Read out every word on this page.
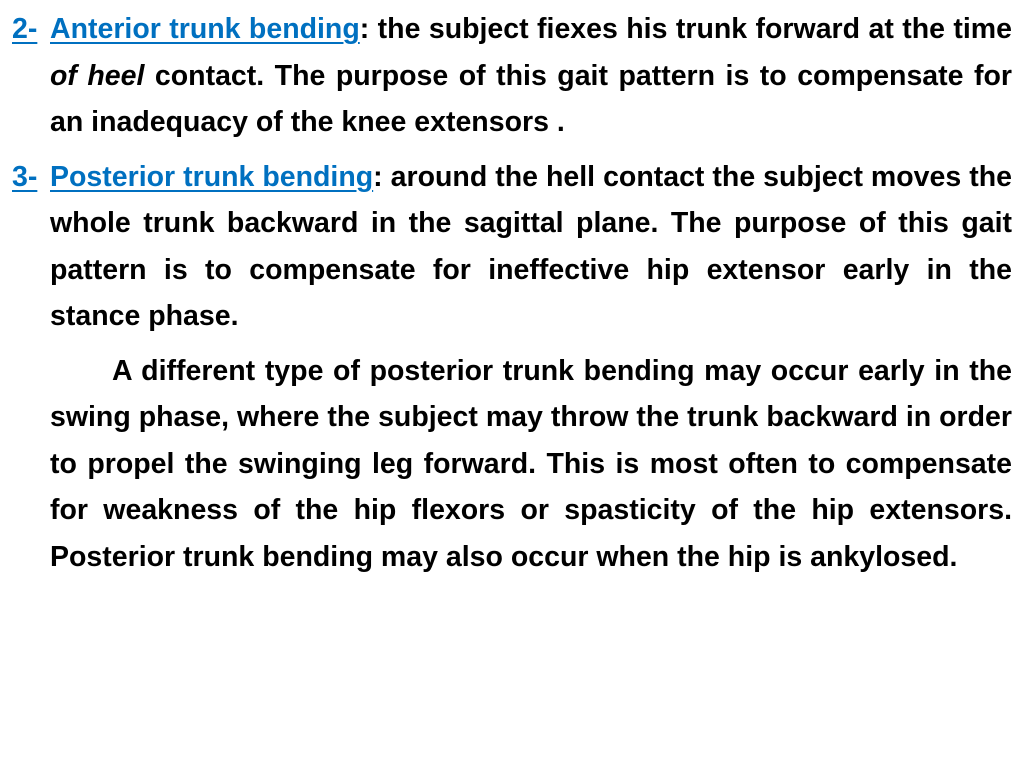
2- Anterior trunk bending: the subject fiexes his trunk forward at the time of heel contact. The purpose of this gait pattern is to compensate for an inadequacy of the knee extensors .

3- Posterior trunk bending: around the hell contact the subject moves the whole trunk backward in the sagittal plane. The purpose of this gait pattern is to compensate for ineffective hip extensor early in the stance phase.

A different type of posterior trunk bending may occur early in the swing phase, where the subject may throw the trunk backward in order to propel the swinging leg forward. This is most often to compensate for weakness of the hip flexors or spasticity of the hip extensors. Posterior trunk bending may also occur when the hip is ankylosed.
